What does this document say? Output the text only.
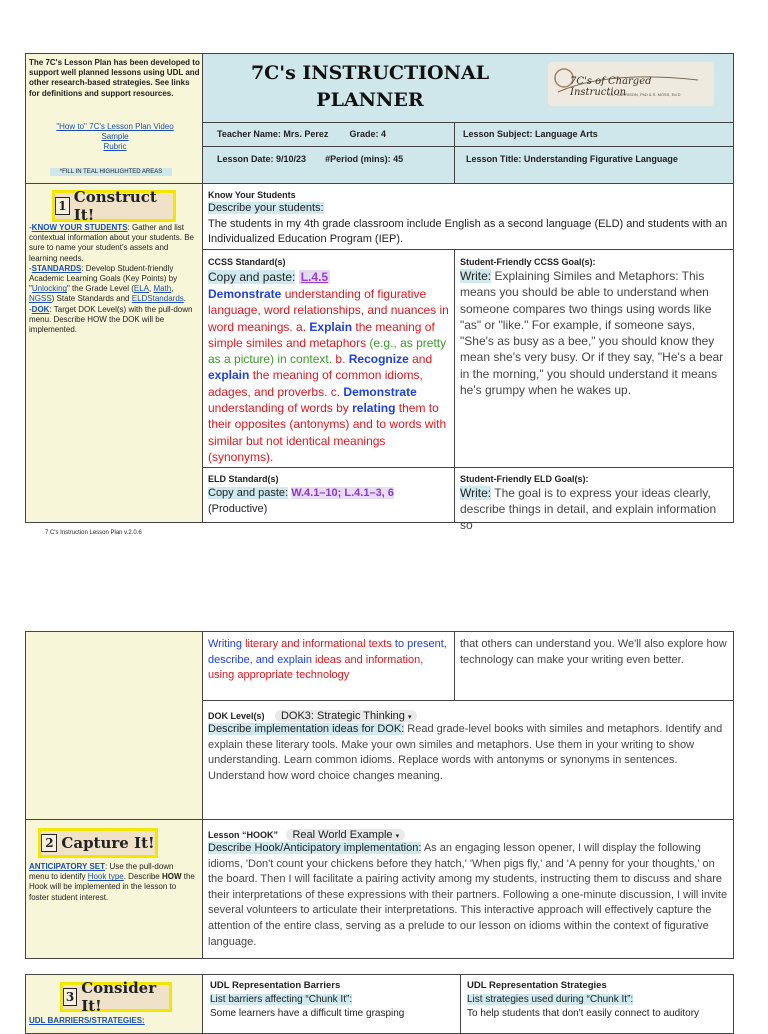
The 7C's Lesson Plan has been developed to support well planned lessons using UDL and other research-based strategies. See links for definitions and support resources.
"How to" 7C's Lesson Plan Video
Sample
Rubric
*FILL IN TEAL HIGHLIGHTED AREAS
7C's INSTRUCTIONAL
PLANNER
7C's of Charged Instruction
C.L. GARRISON, PhD & S. MOSS, Ed.D
Teacher Name: Mrs. Perez Grade: 4	Lesson Subject: Language Arts
Lesson Date: 9/10/23 #Period (mins): 45	Lesson Title: Understanding Figurative Language
1 Construct It!
-KNOW YOUR STUDENTS: Gather and list contextual information about your students. Be sure to name your student's assets and learning needs.
-STANDARDS: Develop Student-friendly Academic Learning Goals (Key Points) by "Unlocking" the Grade Level (ELA, Math, NGSS) State Standards and ELDStandards.
-DOK: Target DOK Level(s) with the pull-down menu. Describe HOW the DOK will be implemented.
Know Your Students
Describe your students:
The students in my 4th grade classroom include English as a second language (ELD) and students with an Individualized Education Program (IEP).
CCSS Standard(s)
Copy and paste: L.4.5
Demonstrate understanding of figurative language, word relationships, and nuances in word meanings. a. Explain the meaning of simple similes and metaphors (e.g., as pretty as a picture) in context. b. Recognize and explain the meaning of common idioms, adages, and proverbs. c. Demonstrate understanding of words by relating them to their opposites (antonyms) and to words with similar but not identical meanings (synonyms).
Student-Friendly CCSS Goal(s):
Write: Explaining Similes and Metaphors: This means you should be able to understand when someone compares two things using words like "as" or "like." For example, if someone says, "She's as busy as a bee," you should know they mean she's very busy. Or if they say, "He's a bear in the morning," you should understand it means he's grumpy when he wakes up.
ELD Standard(s)
Copy and paste: W.4.1–10; L.4.1–3, 6
(Productive)
Student-Friendly ELD Goal(s):
Write: The goal is to express your ideas clearly, describe things in detail, and explain information so
7 C's Instruction Lesson Plan v.2.0.6
Writing literary and informational texts to present, describe, and explain ideas and information, using appropriate technology
that others can understand you. We'll also explore how technology can make your writing even better.
DOK Level(s) DOK3: Strategic Thinking ▾
Describe implementation ideas for DOK: Read grade-level books with similes and metaphors. Identify and explain these literary tools. Make your own similes and metaphors. Use them in your writing to show understanding. Learn common idioms. Replace words with antonyms or synonyms in sentences. Understand how word choice changes meaning.
2 Capture It!
ANTICIPATORY SET: Use the pull-down menu to identify Hook type. Describe HOW the Hook will be implemented in the lesson to foster student interest.
Lesson “HOOK” Real World Example ▾
Describe Hook/Anticipatory implementation: As an engaging lesson opener, I will display the following idioms, 'Don't count your chickens before they hatch,' 'When pigs fly,' and 'A penny for your thoughts,' on the board. Then I will facilitate a pairing activity among my students, instructing them to discuss and share their interpretations of these expressions with their partners. Following a one-minute discussion, I will invite several volunteers to articulate their interpretations. This interactive approach will effectively capture the attention of the entire class, serving as a prelude to our lesson on idioms within the context of figurative language.
3 Consider It!
UDL BARRIERS/STRATEGIES:
UDL Representation Barriers
List barriers affecting “Chunk It”:
Some learners have a difficult time grasping
UDL Representation Strategies
List strategies used during “Chunk It”:
To help students that don't easily connect to auditory
